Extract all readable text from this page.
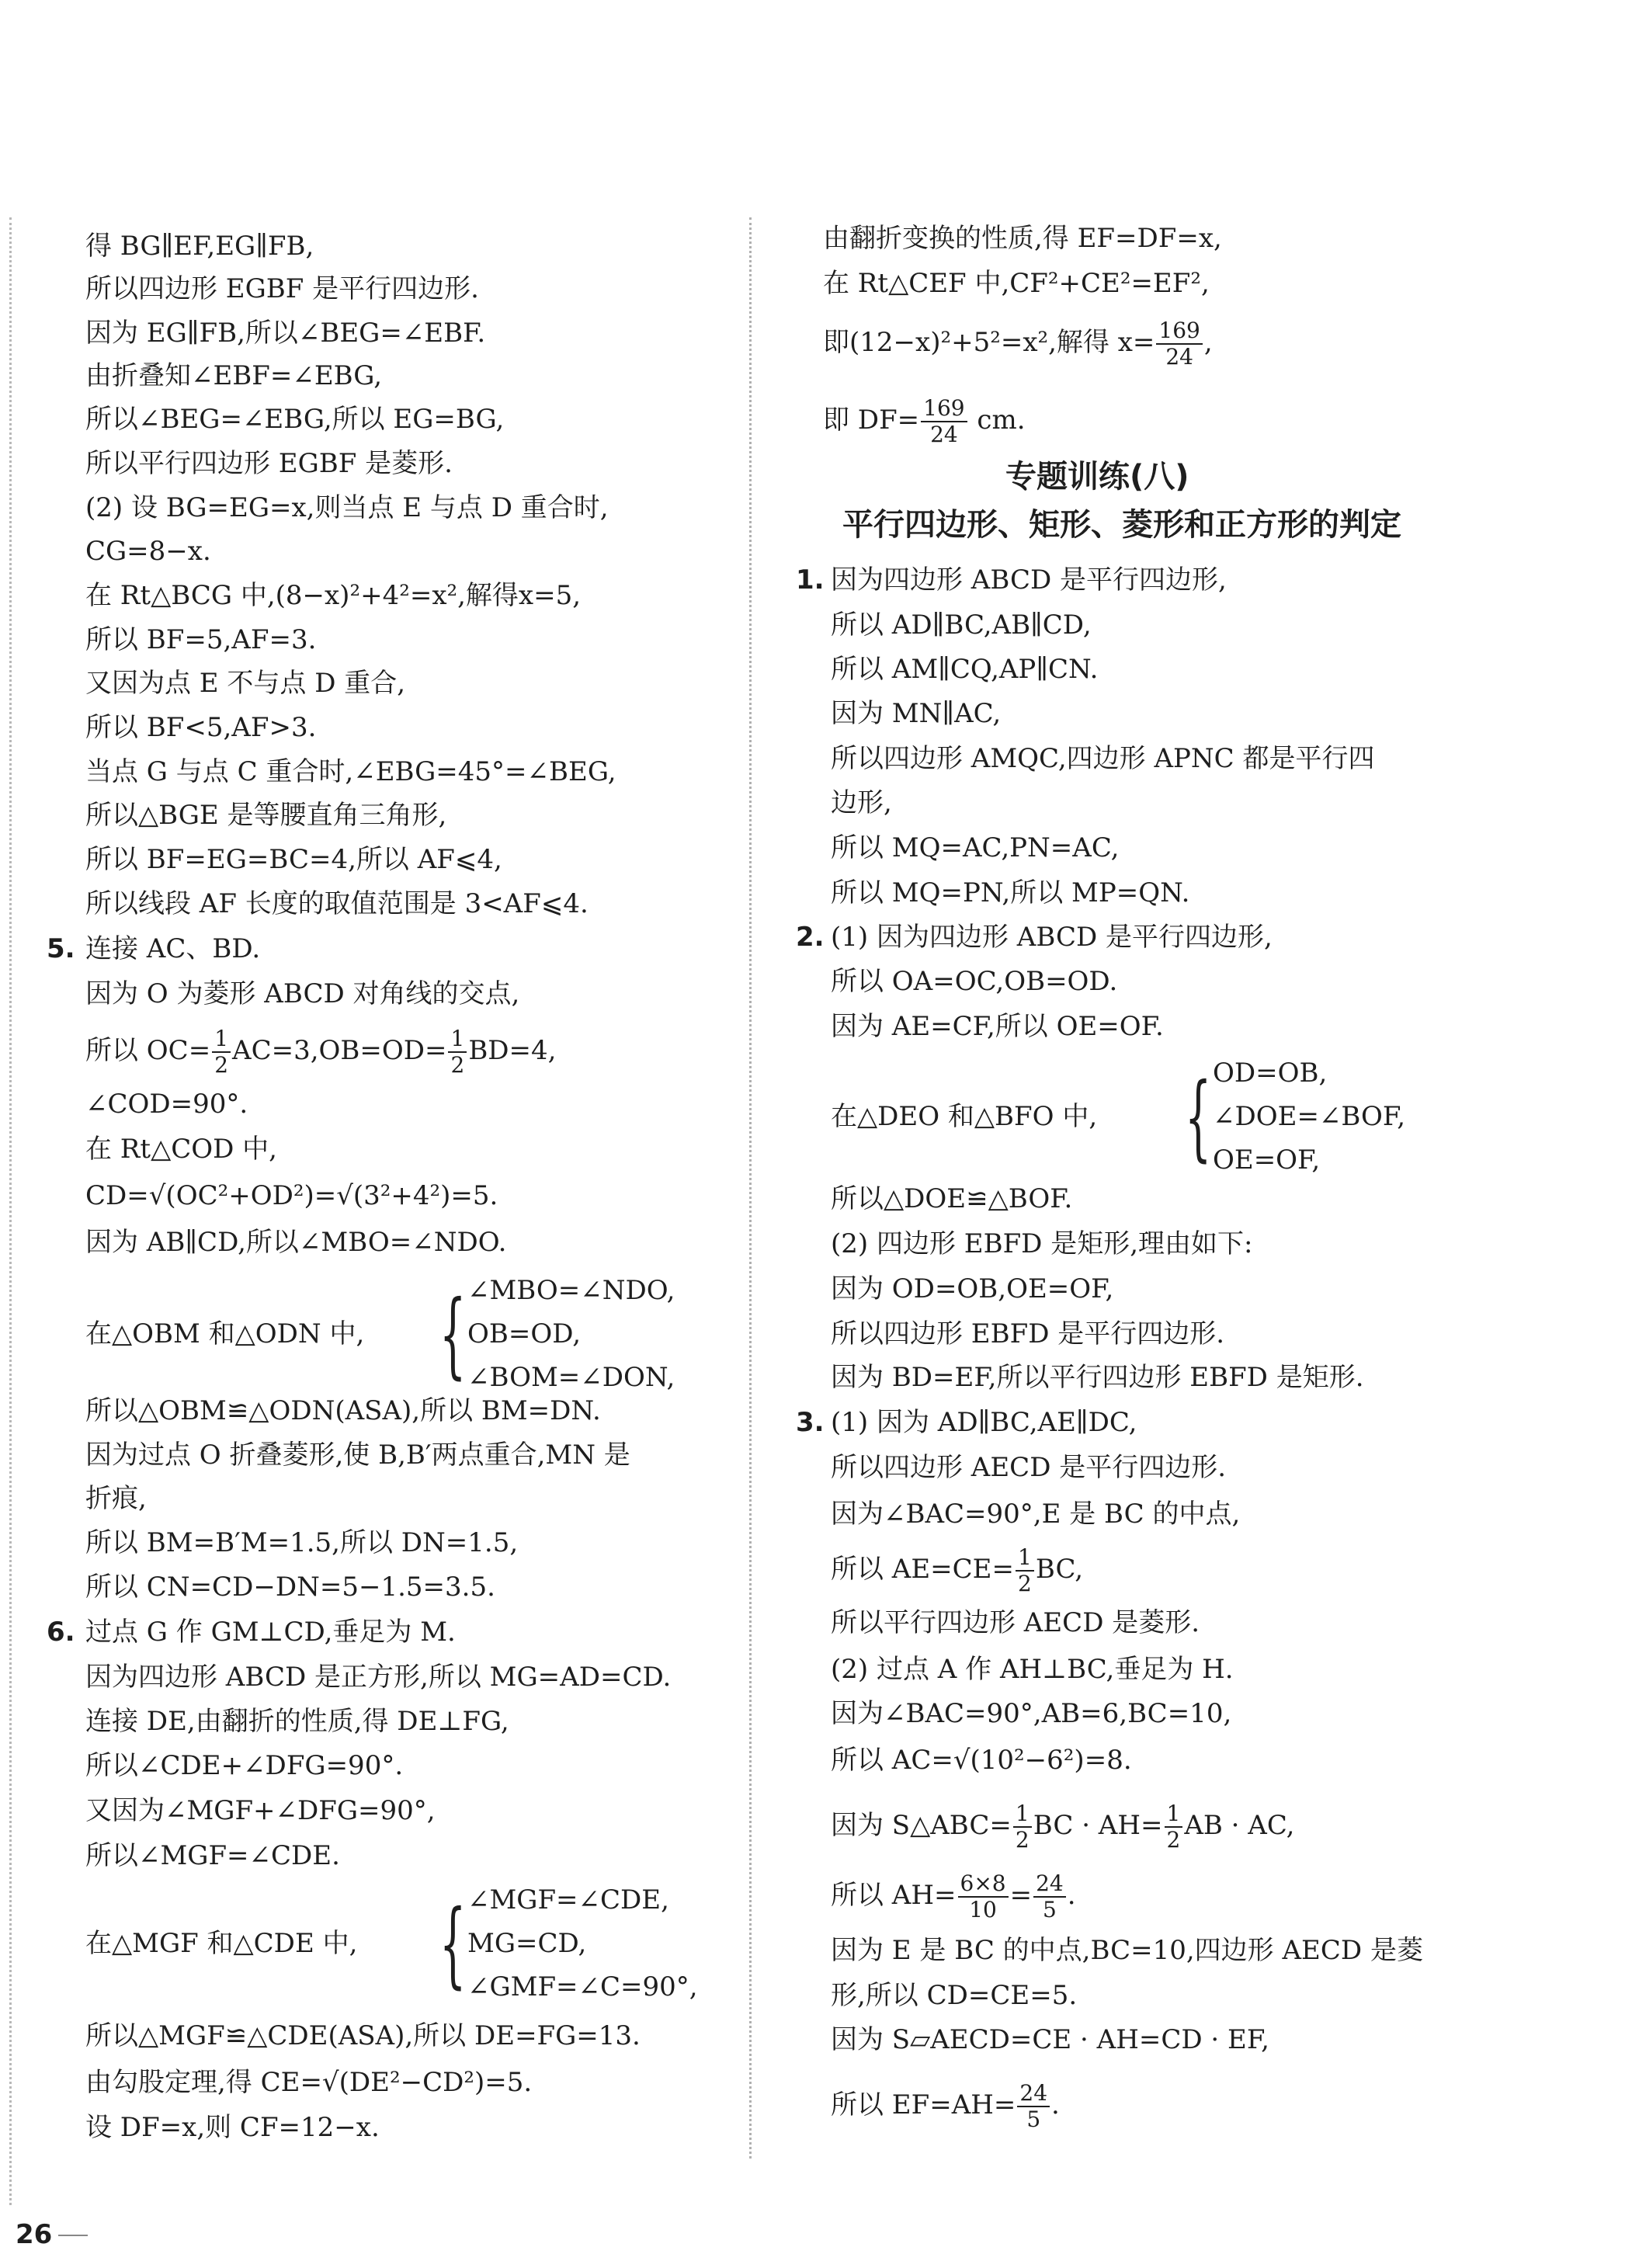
得 BG∥EF,EG∥FB,
所以四边形 EGBF 是平行四边形.
因为 EG∥FB,所以∠BEG=∠EBF.
由折叠知∠EBF=∠EBG,
所以∠BEG=∠EBG,所以 EG=BG,
所以平行四边形 EGBF 是菱形.
(2) 设 BG=EG=x,则当点 E 与点 D 重合时,
CG=8−x.
在 Rt△BCG 中,(8−x)²+4²=x²,解得x=5,
所以 BF=5,AF=3.
又因为点 E 不与点 D 重合,
所以 BF<5,AF>3.
当点 G 与点 C 重合时,∠EBG=45°=∠BEG,
所以△BGE 是等腰直角三角形,
所以 BF=EG=BC=4,所以 AF⩽4,
所以线段 AF 长度的取值范围是 3<AF⩽4.
5. 连接 AC、BD.
因为 O 为菱形 ABCD 对角线的交点,
所以 $OC= \frac{1}{2} AC=3,OB=OD= \frac{1}{2} BD=4$,
∠COD=90°.
在 Rt△COD 中,
CD=√(OC²+OD²)=√(3²+4²)=5.
因为 AB∥CD,所以∠MBO=∠NDO.
在△OBM 和△ODN 中, { ∠MBO=∠NDO,
OB=OD,
∠BOM=∠DON,
所以△OBM≌△ODN(ASA),所以 BM=DN.
因为过点 O 折叠菱形,使 B,B′两点重合,MN 是
折痕,
所以 BM=B′M=1.5,所以 DN=1.5,
所以 CN=CD−DN=5−1.5=3.5.
6. 过点 G 作 GM⊥CD,垂足为 M.
因为四边形 ABCD 是正方形,所以 MG=AD=CD.
连接 DE,由翻折的性质,得 DE⊥FG,
所以∠CDE+∠DFG=90°.
又因为∠MGF+∠DFG=90°,
所以∠MGF=∠CDE.
在△MGF 和△CDE 中, { ∠MGF=∠CDE,
MG=CD,
∠GMF=∠C=90°,
所以△MGF≌△CDE(ASA),所以 DE=FG=13.
由勾股定理,得 CE=√(DE²−CD²)=5.
设 DF=x,则 CF=12−x.
由翻折变换的性质,得 EF=DF=x,
在 Rt△CEF 中,CF²+CE²=EF²,
即(12−x)²+5²=x²,解得 $x= \frac{169}{24}$ ,
即 $DF= \frac{169}{24}$ cm.
专题训练(八)
平行四边形、矩形、菱形和正方形的判定
1. 因为四边形 ABCD 是平行四边形,
所以 AD∥BC,AB∥CD,
所以 AM∥CQ,AP∥CN.
因为 MN∥AC,
所以四边形 AMQC,四边形 APNC 都是平行四
边形,
所以 MQ=AC,PN=AC,
所以 MQ=PN,所以 MP=QN.
2. (1) 因为四边形 ABCD 是平行四边形,
所以 OA=OC,OB=OD.
因为 AE=CF,所以 OE=OF.
在△DEO 和△BFO 中, { OD=OB,
∠DOE=∠BOF,
OE=OF,
所以△DOE≌△BOF.
(2) 四边形 EBFD 是矩形,理由如下:
因为 OD=OB,OE=OF,
所以四边形 EBFD 是平行四边形.
因为 BD=EF,所以平行四边形 EBFD 是矩形.
3. (1) 因为 AD∥BC,AE∥DC,
所以四边形 AECD 是平行四边形.
因为∠BAC=90°,E 是 BC 的中点,
所以 $AE=CE= \frac{1}{2}$ BC,
所以平行四边形 AECD 是菱形.
(2) 过点 A 作 AH⊥BC,垂足为 H.
因为∠BAC=90°,AB=6,BC=10,
所以 AC=√(10²−6²)=8.
因为 S△ABC= $\frac{1}{2}$ BC · $AH= \frac{1}{2}$ AB · AC,
所以 $AH= \frac{6\times 8}{10} = \frac{24}{5}$ .
因为 E 是 BC 的中点,BC=10,四边形 AECD 是菱
形,所以 CD=CE=5.
因为 S▱AECD=CE · AH=CD · EF,
所以 $EF=AH= \frac{24}{5}$ .
26
